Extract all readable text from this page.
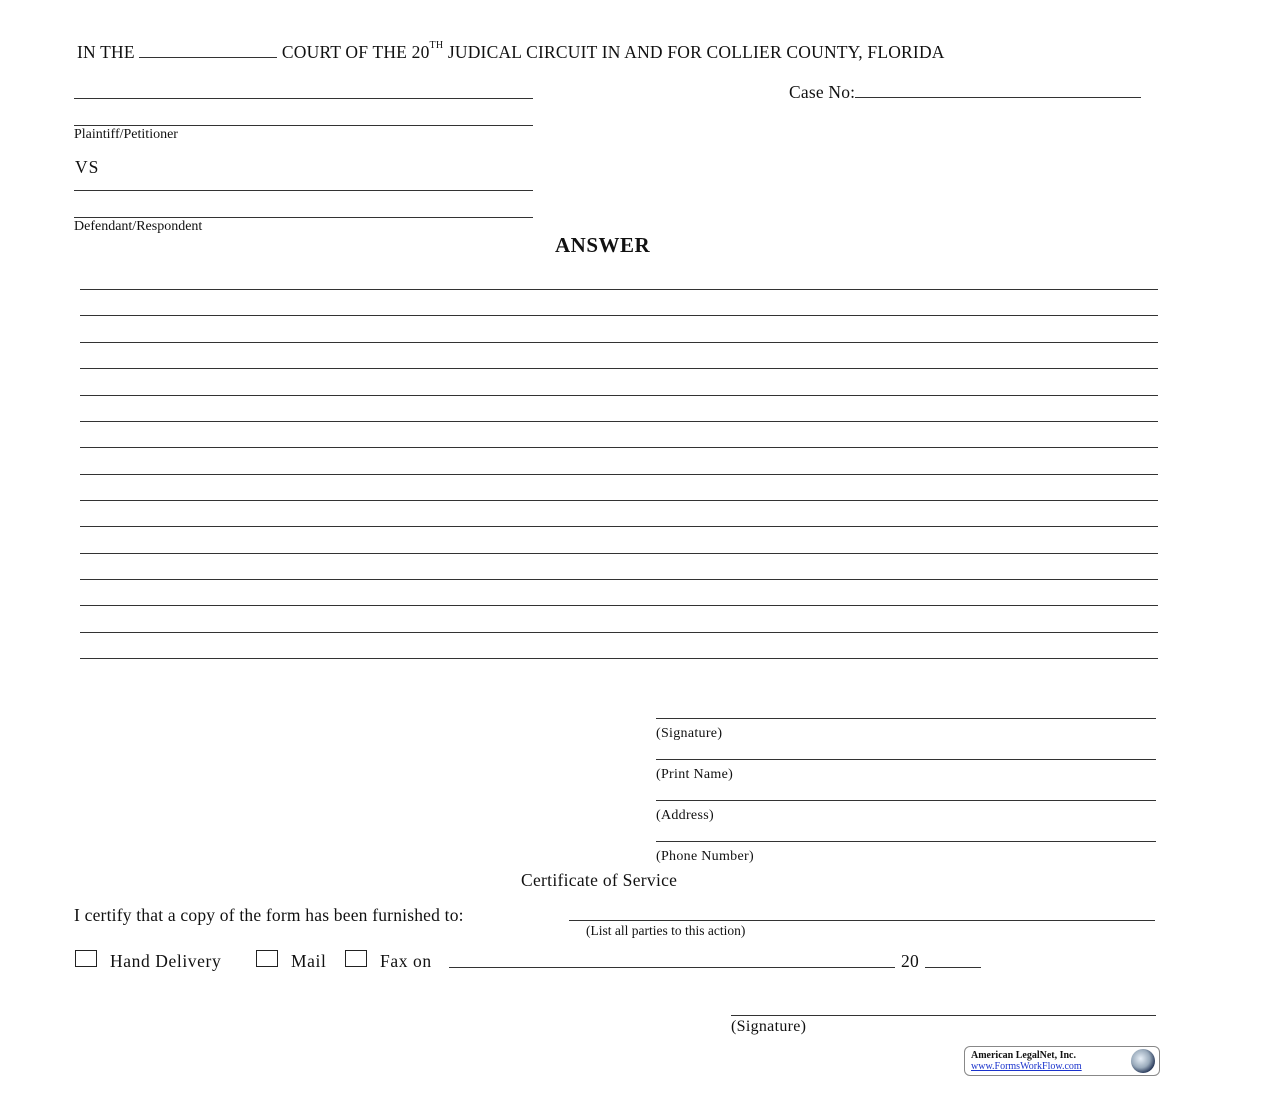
IN THE	COURT OF THE 20TH JUDICAL CIRCUIT IN AND FOR COLLIER COUNTY, FLORIDA
Case No:
Plaintiff/Petitioner
VS
Defendant/Respondent
ANSWER
(Signature)
(Print Name)
(Address)
(Phone Number)
Certificate of Service
I certify that a copy of the form has been furnished to:
(List all parties to this action)
Hand Delivery	Mail	Fax on	20
(Signature)
American LegalNet, Inc.
www.FormsWorkFlow.com
